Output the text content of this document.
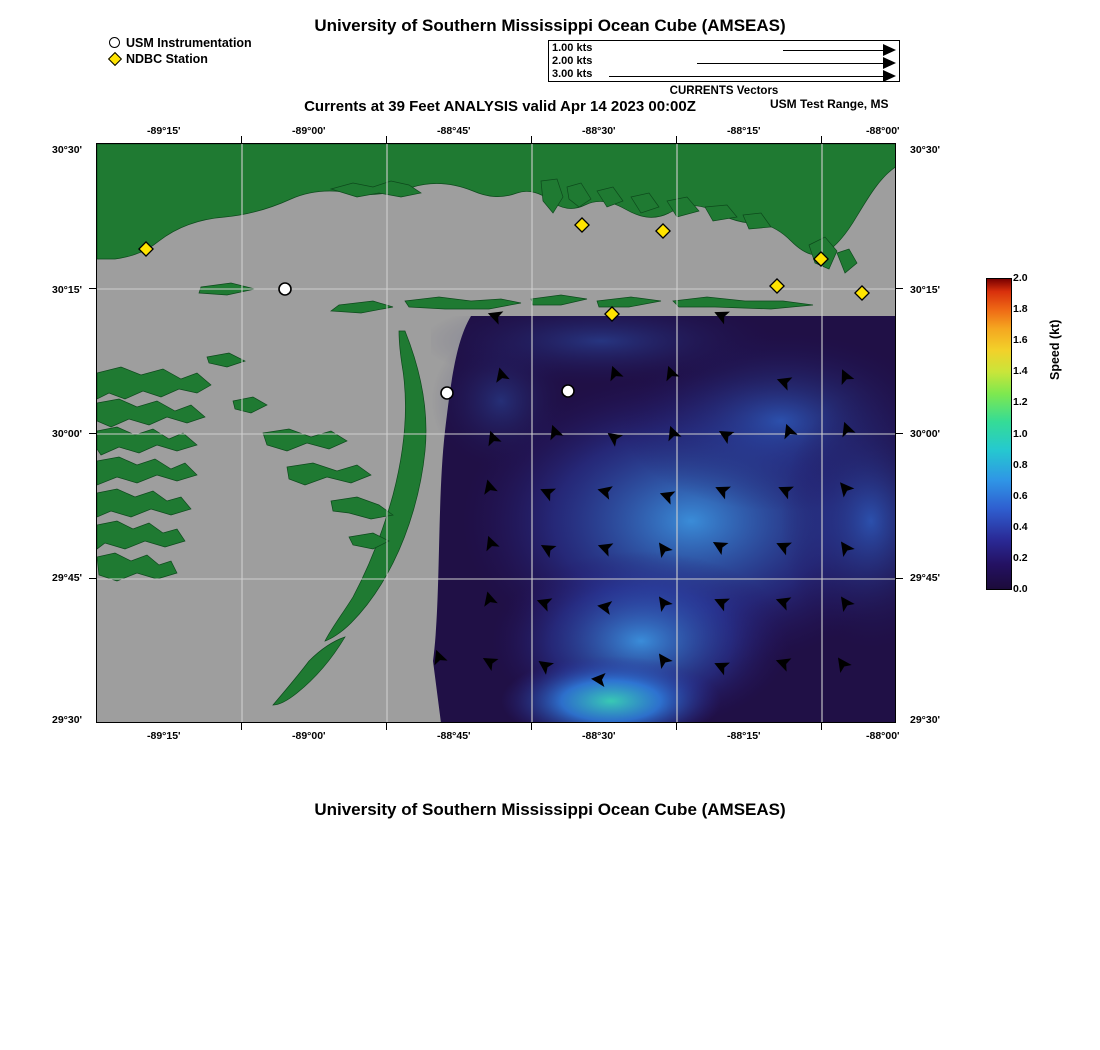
University of Southern Mississippi Ocean Cube (AMSEAS)
USM Instrumentation
NDBC Station
1.00 kts
2.00 kts
3.00 kts
CURRENTS Vectors
Currents at 39 Feet ANALYSIS valid Apr 14 2023 00:00Z	USM Test Range, MS
-89°15'	-89°00'	-88°45'	-88°30'	-88°15'	-88°00'
-89°15'	-89°00'	-88°45'	-88°30'	-88°15'	-88°00'
30°30'
30°15'
30°00'
29°45'
29°30'
30°30'
30°15'
30°00'
29°45'
29°30'
2.0
1.8
1.6
1.4
1.2
1.0
0.8
0.6
0.4
0.2
0.0
Speed (kt)
University of Southern Mississippi Ocean Cube (AMSEAS)
